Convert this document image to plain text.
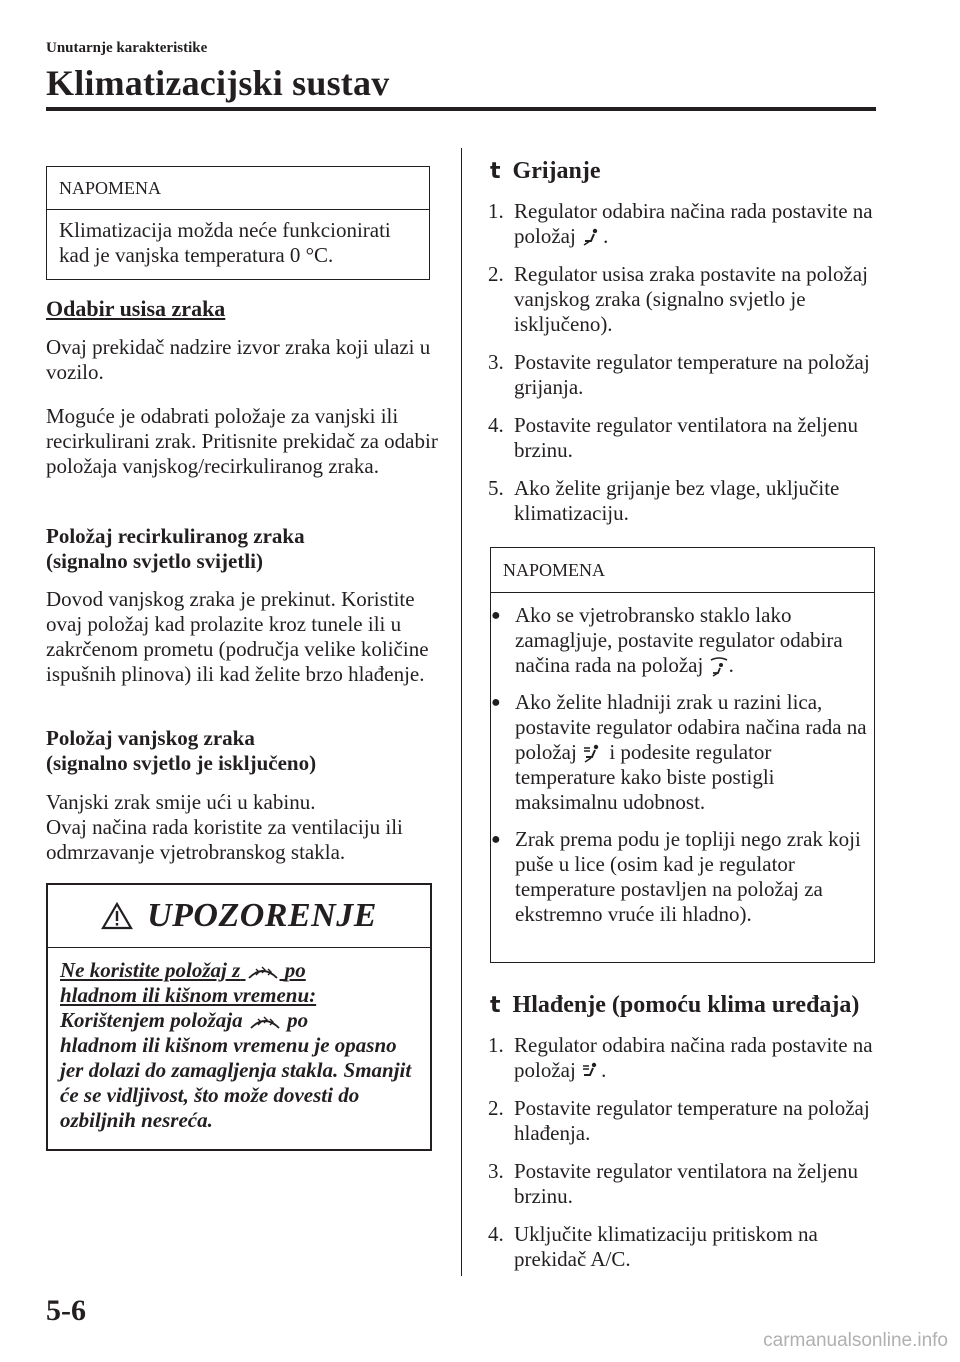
Unutarnje karakteristike
Klimatizacijski sustav
NAPOMENA
Klimatizacija možda neće funkcionirati kad je vanjska temperatura 0 °C.

Odabir usisa zraka

Ovaj prekidač nadzire izvor zraka koji ulazi u vozilo.

Moguće je odabrati položaje za vanjski ili recirkulirani zrak. Pritisnite prekidač za odabir položaja vanjskog/recirkuliranog zraka.

Položaj recirkuliranog zraka
(signalno svjetlo svijetli)

Dovod vanjskog zraka je prekinut. Koristite ovaj položaj kad prolazite kroz tunele ili u zakrčenom prometu (područja velike količine ispušnih plinova) ili kad želite brzo hlađenje.

Položaj vanjskog zraka
(signalno svjetlo je isključeno)

Vanjski zrak smije ući u kabinu.
Ovaj načina rada koristite za ventilaciju ili odmrzavanje vjetrobranskog stakla.

UPOZORENJE
Ne koristite položaj z po
hladnom ili kišnom vremenu:
Korištenjem položaja po
hladnom ili kišnom vremenu je opasno jer dolazi do zamagljenja stakla. Smanjit će se vidljivost, što može dovesti do ozbiljnih nesreća.
t Grijanje
1. Regulator odabira načina rada postavite na položaj .
2. Regulator usisa zraka postavite na položaj vanjskog zraka (signalno svjetlo je isključeno).
3. Postavite regulator temperature na položaj grijanja.
4. Postavite regulator ventilatora na željenu brzinu.
5. Ako želite grijanje bez vlage, uključite klimatizaciju.
NAPOMENA
● Ako se vjetrobransko staklo lako zamagljuje, postavite regulator odabira načina rada na položaj .
● Ako želite hladniji zrak u razini lica, postavite regulator odabira načina rada na položaj i podesite regulator temperature kako biste postigli maksimalnu udobnost.
● Zrak prema podu je topliji nego zrak koji puše u lice (osim kad je regulator temperature postavljen na položaj za ekstremno vruće ili hladno).
t Hlađenje (pomoću klima uređaja)
1. Regulator odabira načina rada postavite na položaj .
2. Postavite regulator temperature na položaj hlađenja.
3. Postavite regulator ventilatora na željenu brzinu.
4. Uključite klimatizaciju pritiskom na prekidač A/C.
5-6
carmanualsonline.info
